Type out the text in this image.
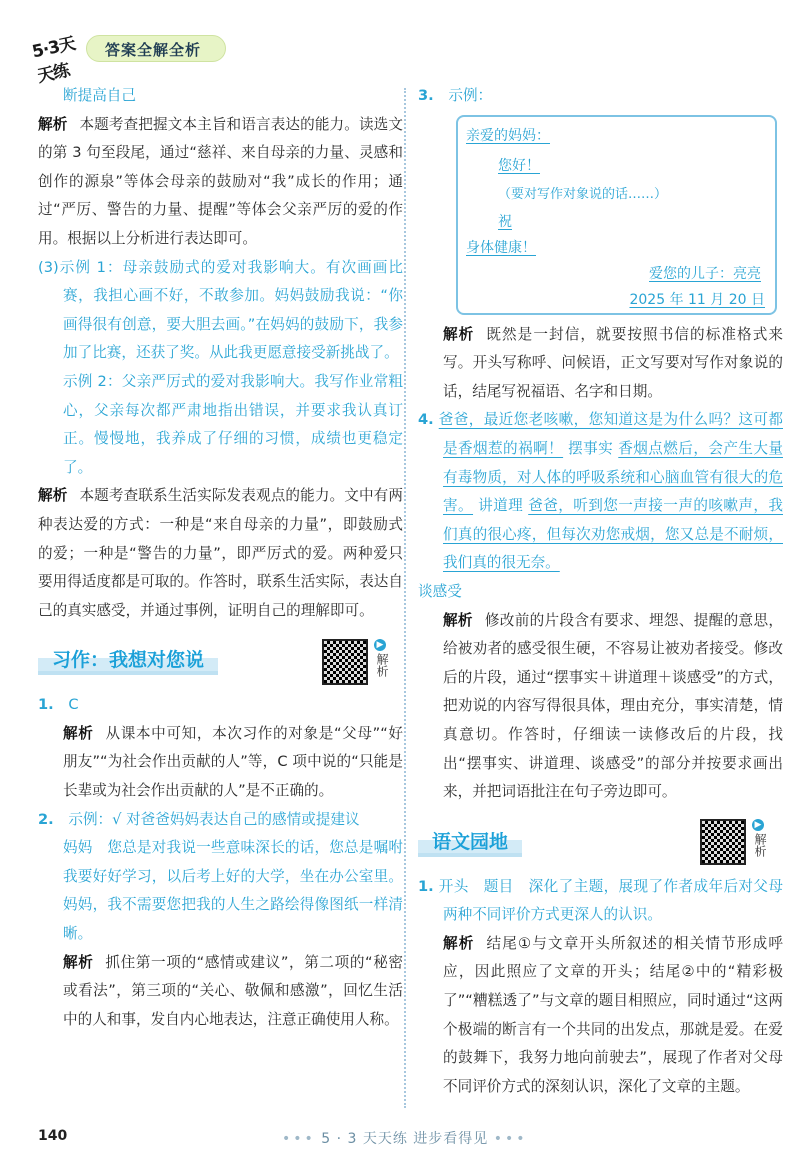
5·3天天练
答案全解全析

断提高自己

解析 本题考查把握文本主旨和语言表达的能力。读选文的第 3 句至段尾，通过“慈祥、来自母亲的力量、灵感和创作的源泉”等体会母亲的鼓励对“我”成长的作用；通过“严厉、警告的力量、提醒”等体会父亲严厉的爱的作用。根据以上分析进行表达即可。

(3)示例 1：母亲鼓励式的爱对我影响大。有次画画比赛，我担心画不好，不敢参加。妈妈鼓励我说：“你画得很有创意，要大胆去画。”在妈妈的鼓励下，我参加了比赛，还获了奖。从此我更愿意接受新挑战了。

示例 2：父亲严厉式的爱对我影响大。我写作业常粗心，父亲每次都严肃地指出错误，并要求我认真订正。慢慢地，我养成了仔细的习惯，成绩也更稳定了。

解析 本题考查联系生活实际发表观点的能力。文中有两种表达爱的方式：一种是“来自母亲的力量”，即鼓励式的爱；一种是“警告的力量”，即严厉式的爱。两种爱只要用得适度都是可取的。作答时，联系生活实际，表达自己的真实感受，并通过事例，证明自己的理解即可。

习作：我想对您说
▶
解析

1. C

解析 从课本中可知，本次习作的对象是“父母”“好朋友”“为社会作出贡献的人”等，C 项中说的“只能是长辈或为社会作出贡献的人”是不正确的。

2. 示例：√ 对爸爸妈妈表达自己的感情或提建议

妈妈　您总是对我说一些意味深长的话，您总是嘱咐我要好好学习，以后考上好的大学，坐在办公室里。妈妈，我不需要您把我的人生之路绘得像图纸一样清晰。

解析 抓住第一项的“感情或建议”，第二项的“秘密或看法”，第三项的“关心、敬佩和感激”，回忆生活中的人和事，发自内心地表达，注意正确使用人称。

3. 示例：

亲爱的妈妈：
您好！
（要对写作对象说的话……）
祝
身体健康！
爱您的儿子：亮亮
2025 年 11 月 20 日

解析 既然是一封信，就要按照书信的标准格式来写。开头写称呼、问候语，正文写要对写作对象说的话，结尾写祝福语、名字和日期。

4. 爸爸，最近您老咳嗽，您知道这是为什么吗？这可都是香烟惹的祸啊！ 摆事实 香烟点燃后，会产生大量有毒物质，对人体的呼吸系统和心脑血管有很大的危害。 讲道理 爸爸，听到您一声接一声的咳嗽声，我们真的很心疼，但每次劝您戒烟，您又总是不耐烦，我们真的很无奈。
谈感受

解析 修改前的片段含有要求、埋怨、提醒的意思，给被劝者的感受很生硬，不容易让被劝者接受。修改后的片段，通过“摆事实＋讲道理＋谈感受”的方式，把劝说的内容写得很具体，理由充分，事实清楚，情真意切。作答时，仔细读一读修改后的片段，找出“摆事实、讲道理、谈感受”的部分并按要求画出来，并把词语批注在句子旁边即可。

语文园地
▶
解析

1. 开头　题目　深化了主题，展现了作者成年后对父母两种不同评价方式更深人的认识。

解析 结尾①与文章开头所叙述的相关情节形成呼应，因此照应了文章的开头；结尾②中的“精彩极了”“糟糕透了”与文章的题目相照应，同时通过“这两个极端的断言有一个共同的出发点，那就是爱。在爱的鼓舞下，我努力地向前驶去”，展现了作者对父母不同评价方式的深刻认识，深化了文章的主题。

140	••• 5 · 3 天天练 进步看得见 •••
